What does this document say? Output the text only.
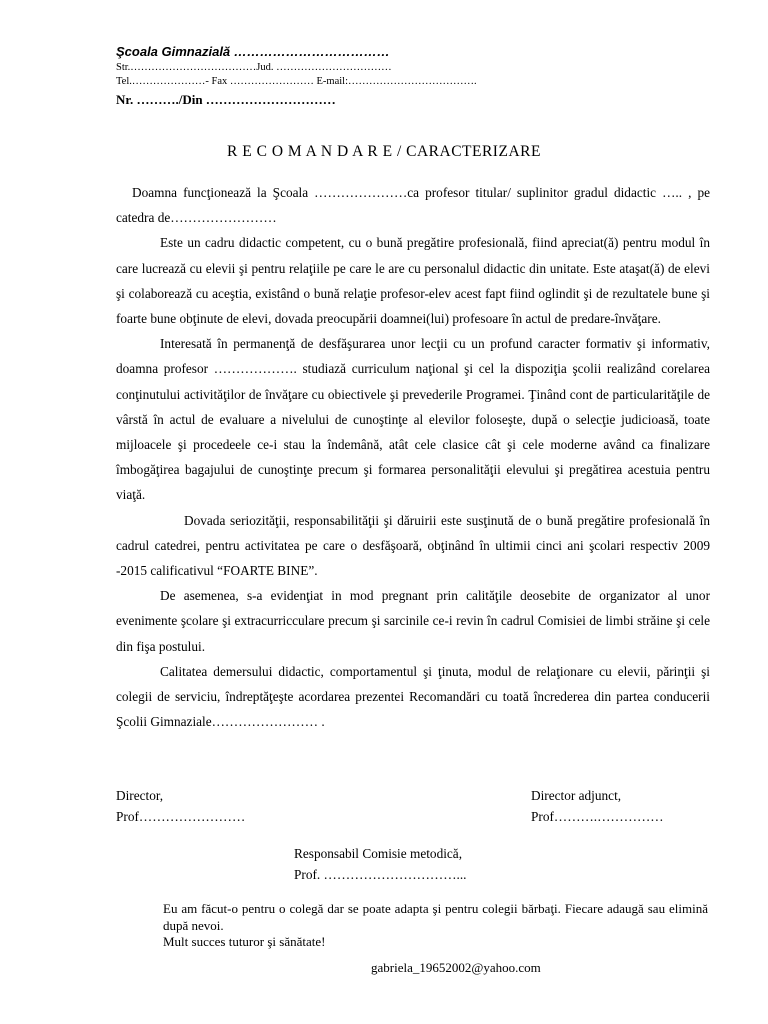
Şcoala Gimnazială ………………………………
Str.………………………………Jud. ……………………………
Tel.…………………- Fax …………………… E-mail:……………………………….
Nr. ………./Din …………………………
R E C O M A N D A R E / CARACTERIZARE

Doamna funcţionează la Şcoala …………………ca profesor titular/ suplinitor gradul didactic ….. , pe catedra de……………………

Este un cadru didactic competent, cu o bună pregătire profesională, fiind apreciat(ă) pentru modul în care lucrează cu elevii şi pentru relaţiile pe care le are cu personalul didactic din unitate. Este ataşat(ă) de elevi şi colaborează cu aceştia, existând o bună relaţie profesor-elev acest fapt fiind oglindit şi de rezultatele bune şi foarte bune obţinute de elevi, dovada preocupării doamnei(lui) profesoare în actul de predare-învăţare.

Interesată în permanenţă de desfăşurarea unor lecţii cu un profund caracter formativ şi informativ, doamna profesor ………………. studiază curriculum naţional şi cel la dispoziţia şcolii realizând corelarea conţinutului activităţilor de învăţare cu obiectivele şi prevederile Programei. Ţinând cont de particularităţile de vârstă în actul de evaluare a nivelului de cunoştinţe al elevilor foloseşte, după o selecţie judicioasă, toate mijloacele şi procedeele ce-i stau la îndemână, atât cele clasice cât şi cele moderne având ca finalizare îmbogăţirea bagajului de cunoştinţe precum şi formarea personalităţii elevului şi pregătirea acestuia pentru viaţă.

Dovada seriozităţii, responsabilităţii şi dăruirii este susţinută de o bună pregătire profesională în cadrul catedrei, pentru activitatea pe care o desfăşoară, obţinând în ultimii cinci ani şcolari respectiv 2009 -2015 calificativul “FOARTE BINE”.

De asemenea, s-a evidenţiat in mod pregnant prin calităţile deosebite de organizator al unor evenimente şcolare şi extracurricculare precum şi sarcinile ce-i revin în cadrul Comisiei de limbi străine şi cele din fişa postului.

Calitatea demersului didactic, comportamentul şi ţinuta, modul de relaţionare cu elevii, părinţii şi colegii de serviciu, îndreptăţeşte acordarea prezentei Recomandări cu toată încrederea din partea conducerii Şcolii Gimnaziale…………………… .

Director,
Prof……………………
Director adjunct,
Prof……….……………
Responsabil Comisie metodică,
Prof. …………………………...

Eu am făcut-o pentru o colegă dar se poate adapta şi pentru colegii bărbaţi. Fiecare adaugă sau elimină după nevoi.

Mult succes tuturor şi sănătate!

gabriela_19652002@yahoo.com
